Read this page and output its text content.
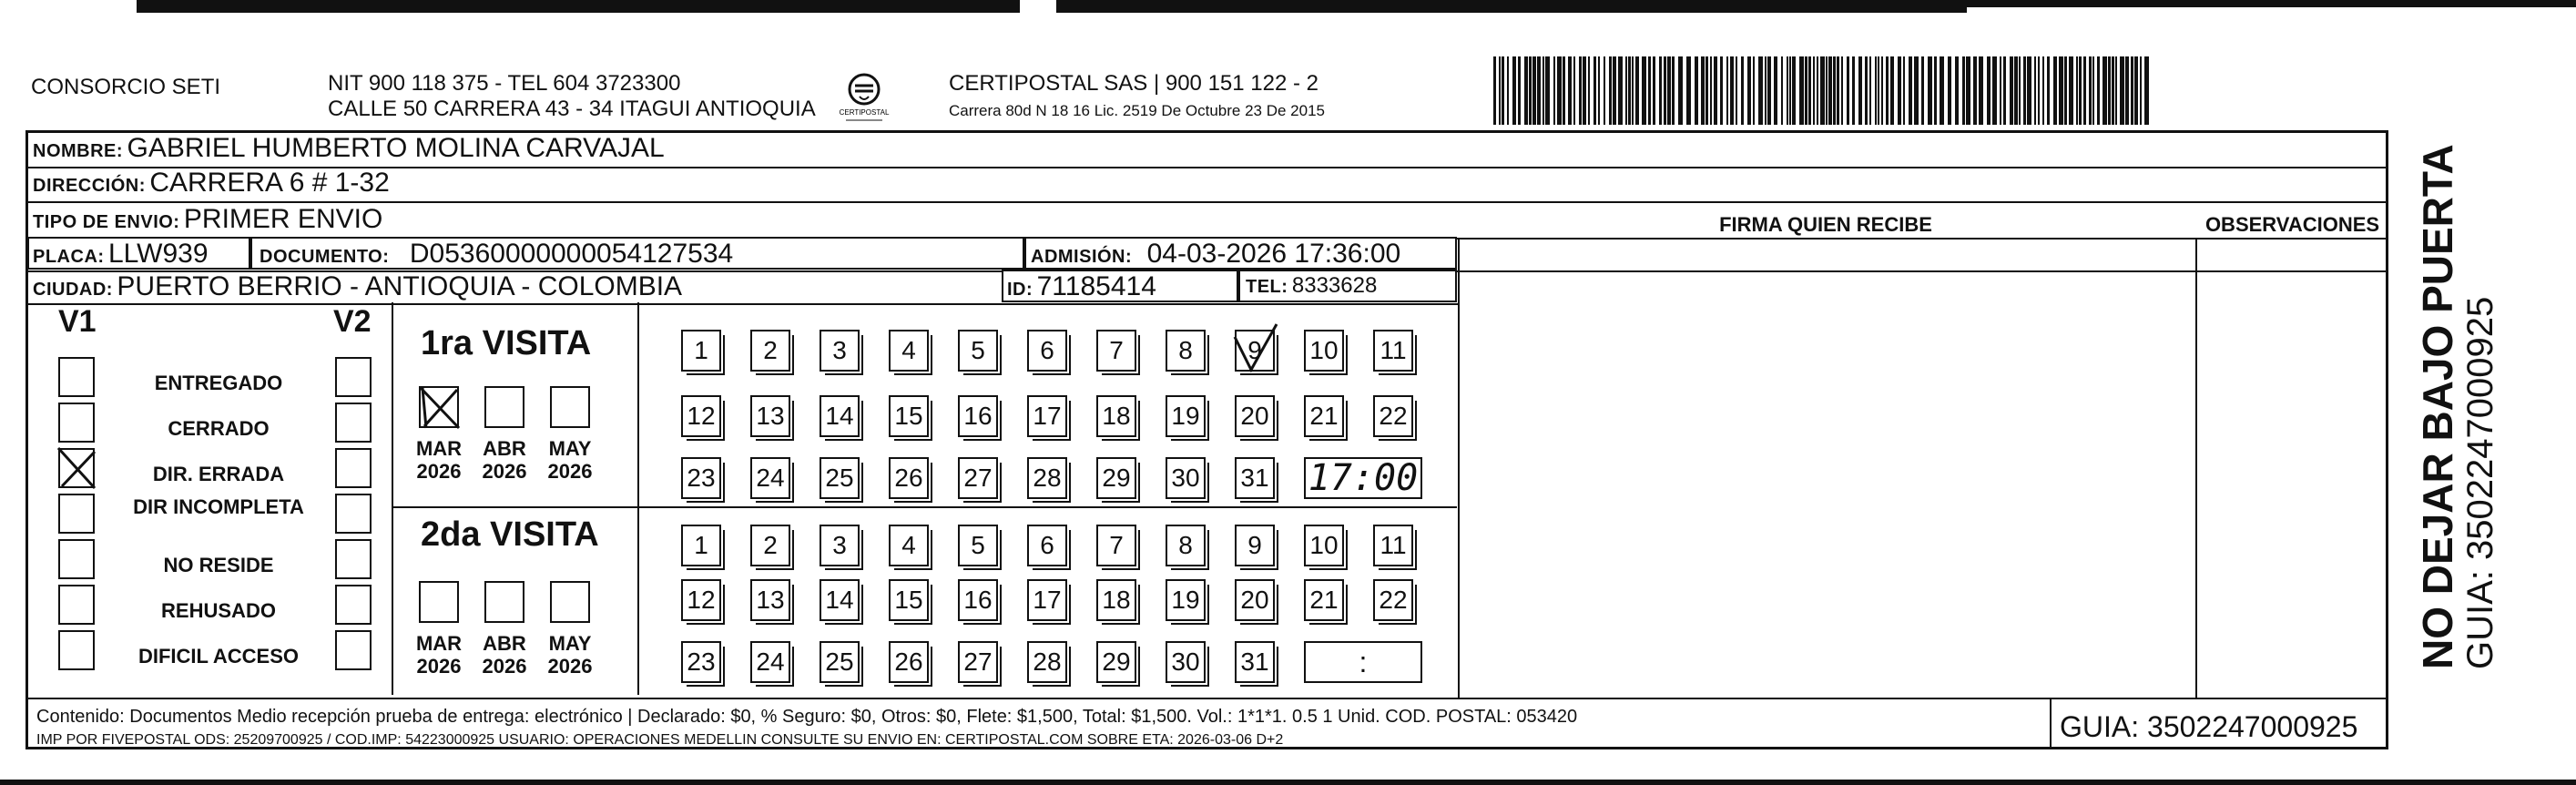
CONSORCIO SETI	NIT 900 118 375 - TEL 604 3723300
CALLE 50 CARRERA 43 - 34 ITAGUI ANTIOQUIA	CERTIPOSTAL
CERTIPOSTAL SAS | 900 151 122 - 2
Carrera 80d N 18 16 Lic. 2519 De Octubre 23 De 2015
NOMBRE: GABRIEL HUMBERTO MOLINA CARVAJAL
DIRECCIÓN: CARRERA 6 # 1-32
TIPO DE ENVIO: PRIMER ENVIO
PLACA: LLW939	DOCUMENTO: D05360000000054127534	ADMISIÓN: 04-03-2026 17:36:00
CIUDAD: PUERTO BERRIO - ANTIOQUIA - COLOMBIA	ID: 71185414	TEL: 8333628
FIRMA QUIEN RECIBE	OBSERVACIONES
V1	V2
ENTREGADO
CERRADO
DIR. ERRADA
DIR INCOMPLETA
NO RESIDE
REHUSADO
DIFICIL ACCESO
1ra VISITA
MAR
2026
ABR
2026
MAY
2026
1	2	3	4	5	6	7	8	9	10 11
12 13 14 15 16 17 18 19 20 21 22
23 24 25 26 27 28 29 30 31 17:00
2da VISITA
MAR
2026
ABR
2026
MAY
2026
1	2	3	4	5	6	7	8	9	10 11
12 13 14 15 16 17 18 19 20 21 22
23 24 25 26 27 28 29 30 31	:
Contenido: Documentos Medio recepción prueba de entrega: electrónico | Declarado: $0, % Seguro: $0, Otros: $0, Flete: $1,500, Total: $1,500. Vol.: 1*1*1. 0.5 1 Unid. COD. POSTAL: 053420
IMP POR FIVEPOSTAL ODS: 25209700925 / COD.IMP: 54223000925 USUARIO: OPERACIONES MEDELLIN CONSULTE SU ENVIO EN: CERTIPOSTAL.COM SOBRE ETA: 2026-03-06 D+2	GUIA: 3502247000925
NO DEJAR BAJO PUERTA GUIA: 3502247000925
